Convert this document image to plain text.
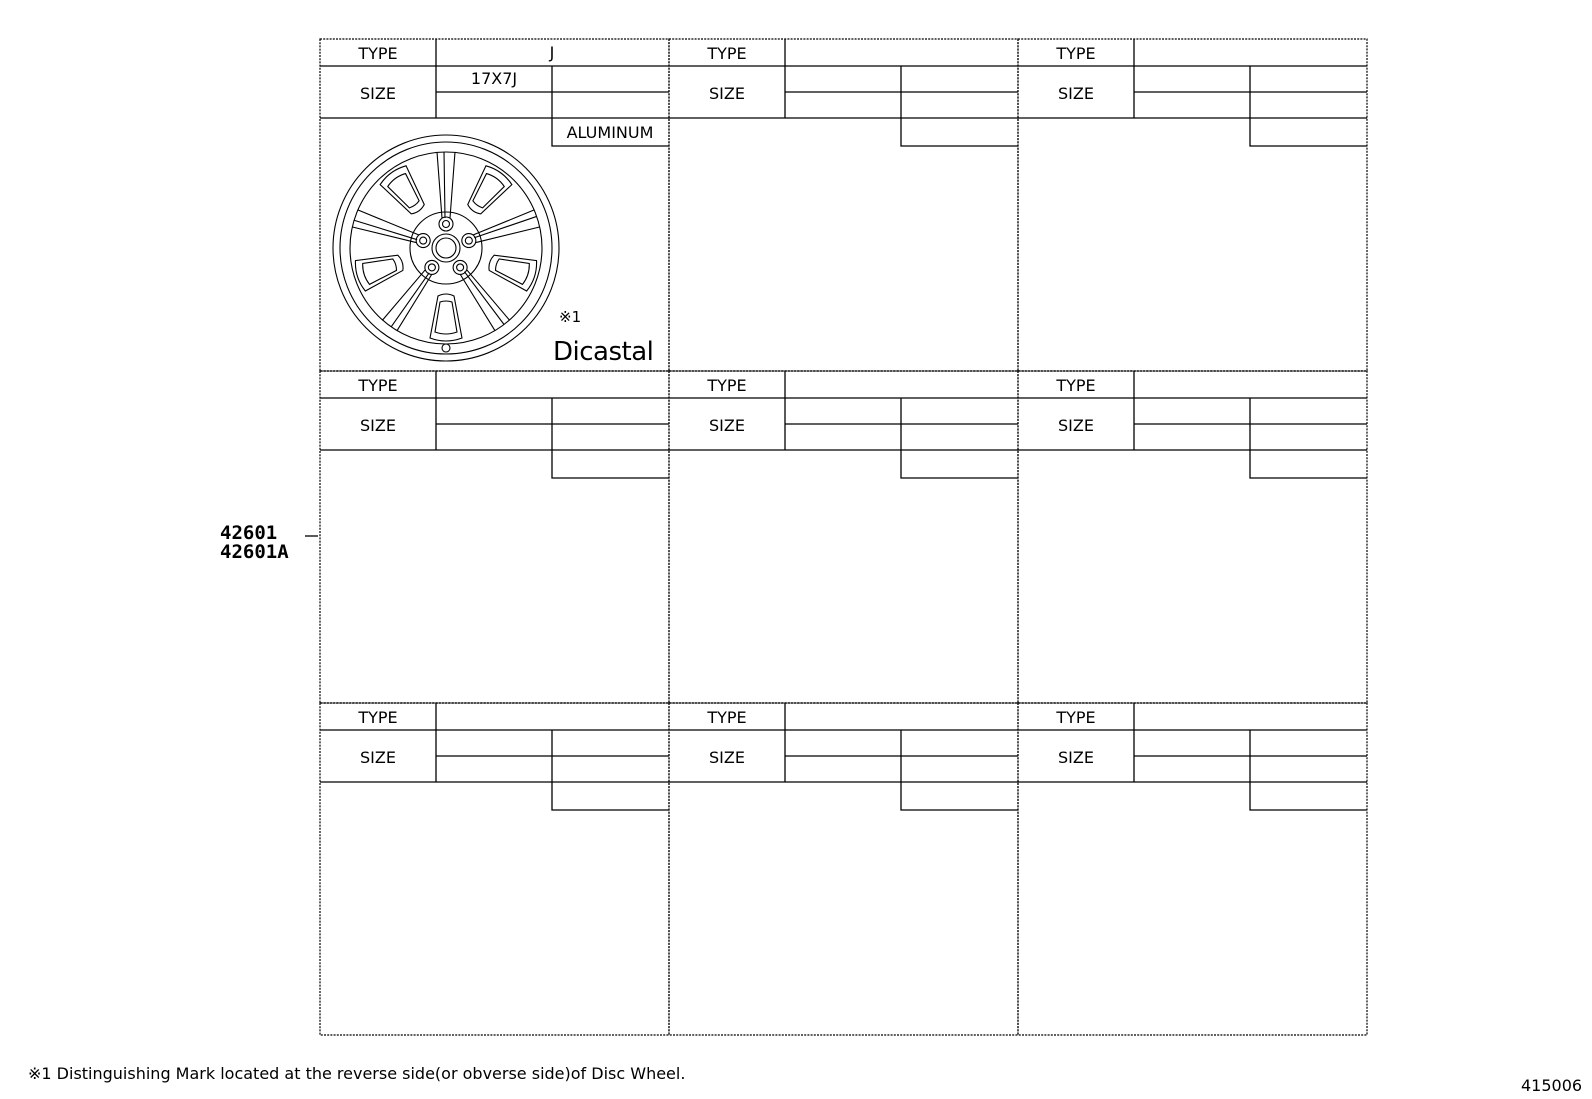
TYPE
SIZE
J
17X7J
ALUMINUM
TYPE
SIZE
TYPE
SIZE
TYPE
SIZE
TYPE
SIZE
TYPE
SIZE
TYPE
SIZE
TYPE
SIZE
TYPE
SIZE
※1
Dicastal
42601
42601A
※1 Distinguishing Mark located at the reverse side(or obverse side)of Disc Wheel.
415006
